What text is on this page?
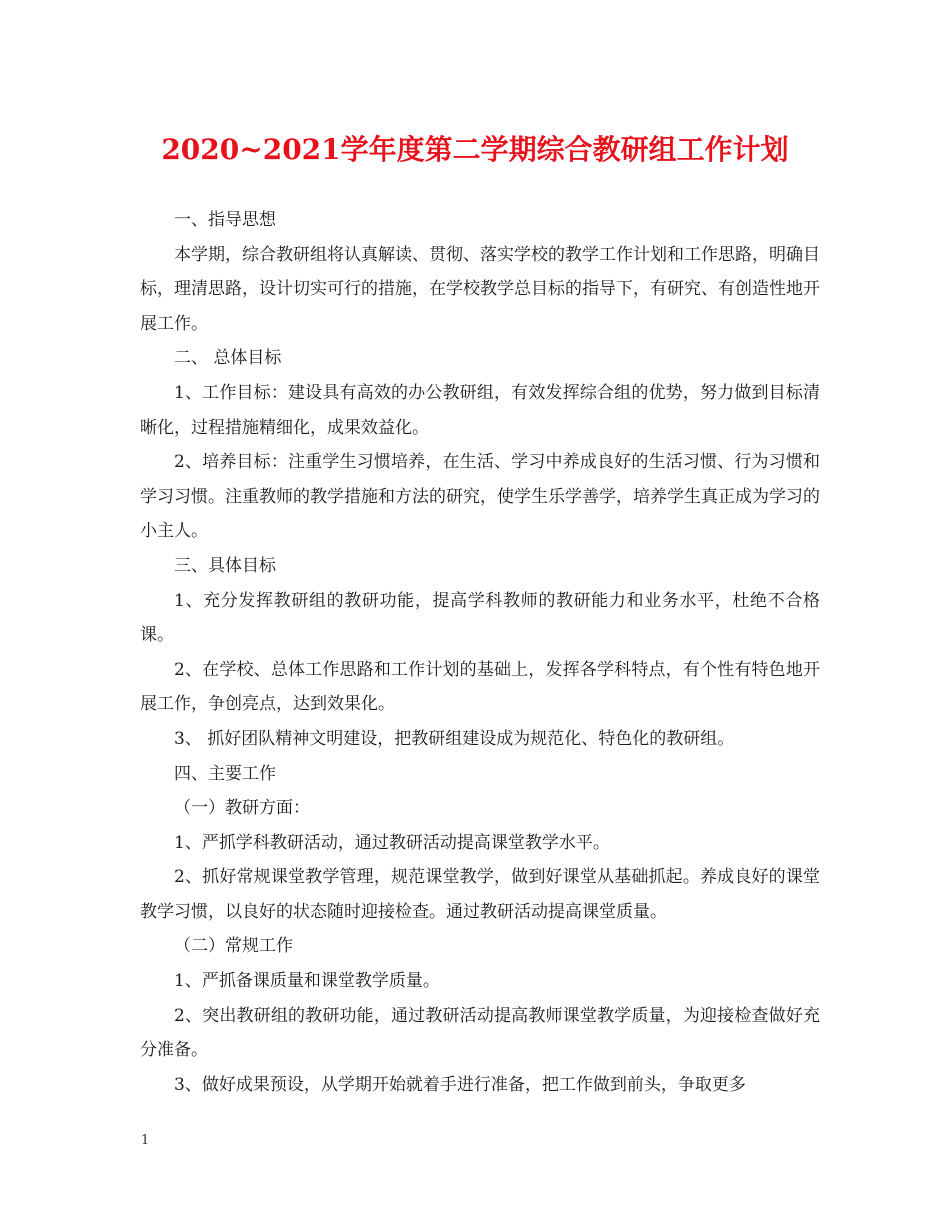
2020~2021学年度第二学期综合教研组工作计划

一、指导思想

本学期，综合教研组将认真解读、贯彻、落实学校的教学工作计划和工作思路，明确目标，理清思路，设计切实可行的措施，在学校教学总目标的指导下，有研究、有创造性地开展工作。

二、 总体目标

1、工作目标：建设具有高效的办公教研组，有效发挥综合组的优势，努力做到目标清晰化，过程措施精细化，成果效益化。

2、培养目标：注重学生习惯培养，在生活、学习中养成良好的生活习惯、行为习惯和学习习惯。注重教师的教学措施和方法的研究，使学生乐学善学，培养学生真正成为学习的小主人。

三、具体目标

1、充分发挥教研组的教研功能，提高学科教师的教研能力和业务水平，杜绝不合格课。

2、在学校、总体工作思路和工作计划的基础上，发挥各学科特点，有个性有特色地开展工作，争创亮点，达到效果化。

3、 抓好团队精神文明建设，把教研组建设成为规范化、特色化的教研组。

四、主要工作

（一）教研方面：

1、严抓学科教研活动，通过教研活动提高课堂教学水平。

2、抓好常规课堂教学管理，规范课堂教学，做到好课堂从基础抓起。养成良好的课堂教学习惯，以良好的状态随时迎接检查。通过教研活动提高课堂质量。

（二）常规工作

1、严抓备课质量和课堂教学质量。

2、突出教研组的教研功能，通过教研活动提高教师课堂教学质量，为迎接检查做好充分准备。

3、做好成果预设，从学期开始就着手进行准备，把工作做到前头，争取更多

1
